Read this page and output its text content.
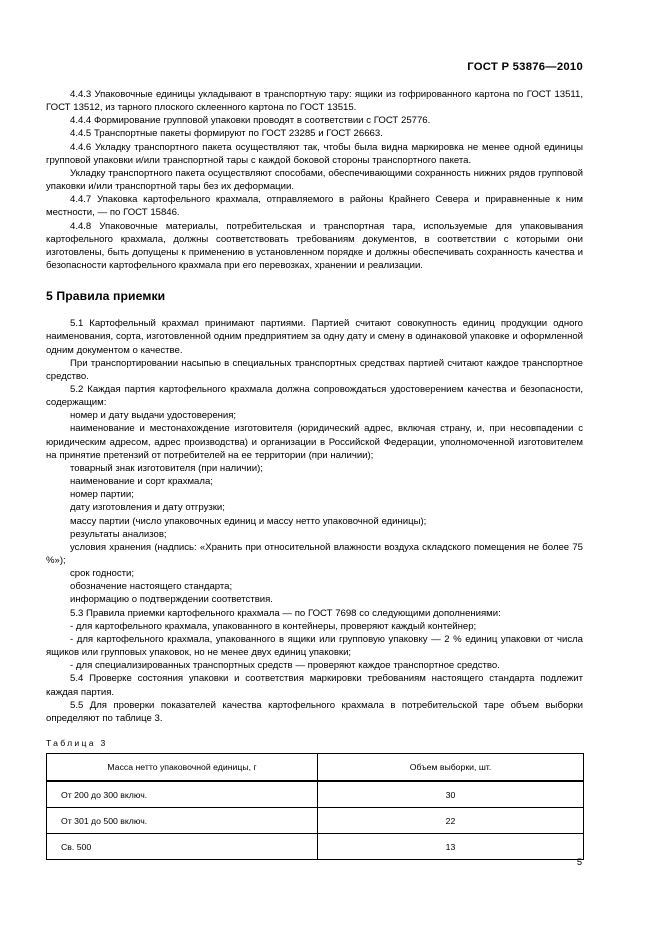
ГОСТ Р 53876—2010

4.4.3 Упаковочные единицы укладывают в транспортную тару: ящики из гофрированного картона по ГОСТ 13511, ГОСТ 13512, из тарного плоского склеенного картона по ГОСТ 13515.

4.4.4 Формирование групповой упаковки проводят в соответствии с ГОСТ 25776.

4.4.5 Транспортные пакеты формируют по ГОСТ 23285 и ГОСТ 26663.

4.4.6 Укладку транспортного пакета осуществляют так, чтобы была видна маркировка не менее одной единицы групповой упаковки и/или транспортной тары с каждой боковой стороны транспортного пакета.

Укладку транспортного пакета осуществляют способами, обеспечивающими сохранность нижних рядов групповой упаковки и/или транспортной тары без их деформации.

4.4.7 Упаковка картофельного крахмала, отправляемого в районы Крайнего Севера и приравненные к ним местности, — по ГОСТ 15846.

4.4.8 Упаковочные материалы, потребительская и транспортная тара, используемые для упаковывания картофельного крахмала, должны соответствовать требованиям документов, в соответствии с которыми они изготовлены, быть допущены к применению в установленном порядке и должны обеспечивать сохранность качества и безопасности картофельного крахмала при его перевозках, хранении и реализации.

5 Правила приемки

5.1 Картофельный крахмал принимают партиями. Партией считают совокупность единиц продукции одного наименования, сорта, изготовленной одним предприятием за одну дату и смену в одинаковой упаковке и оформленной одним документом о качестве.

При транспортировании насыпью в специальных транспортных средствах партией считают каждое транспортное средство.

5.2 Каждая партия картофельного крахмала должна сопровождаться удостоверением качества и безопасности, содержащим:

номер и дату выдачи удостоверения;

наименование и местонахождение изготовителя (юридический адрес, включая страну, и, при несовпадении с юридическим адресом, адрес производства) и организации в Российской Федерации, уполномоченной изготовителем на принятие претензий от потребителей на ее территории (при наличии);

товарный знак изготовителя (при наличии);

наименование и сорт крахмала;

номер партии;

дату изготовления и дату отгрузки;

массу партии (число упаковочных единиц и массу нетто упаковочной единицы);

результаты анализов;

условия хранения (надпись: «Хранить при относительной влажности воздуха складского помещения не более 75 %»);

срок годности;

обозначение настоящего стандарта;

информацию о подтверждении соответствия.

5.3 Правила приемки картофельного крахмала — по ГОСТ 7698 со следующими дополнениями:

- для картофельного крахмала, упакованного в контейнеры, проверяют каждый контейнер;

- для картофельного крахмала, упакованного в ящики или групповую упаковку — 2 % единиц упаковки от числа ящиков или групповых упаковок, но не менее двух единиц упаковки;

- для специализированных транспортных средств — проверяют каждое транспортное средство.

5.4 Проверке состояния упаковки и соответствия маркировки требованиям настоящего стандарта подлежит каждая партия.

5.5 Для проверки показателей качества картофельного крахмала в потребительской таре объем выборки определяют по таблице 3.

Таблица 3
Масса нетто упаковочной единицы, г	Объем выборки, шт.
От 200 до 300 включ.	30
От 301 до 500 включ.	22
Св. 500	13
5
